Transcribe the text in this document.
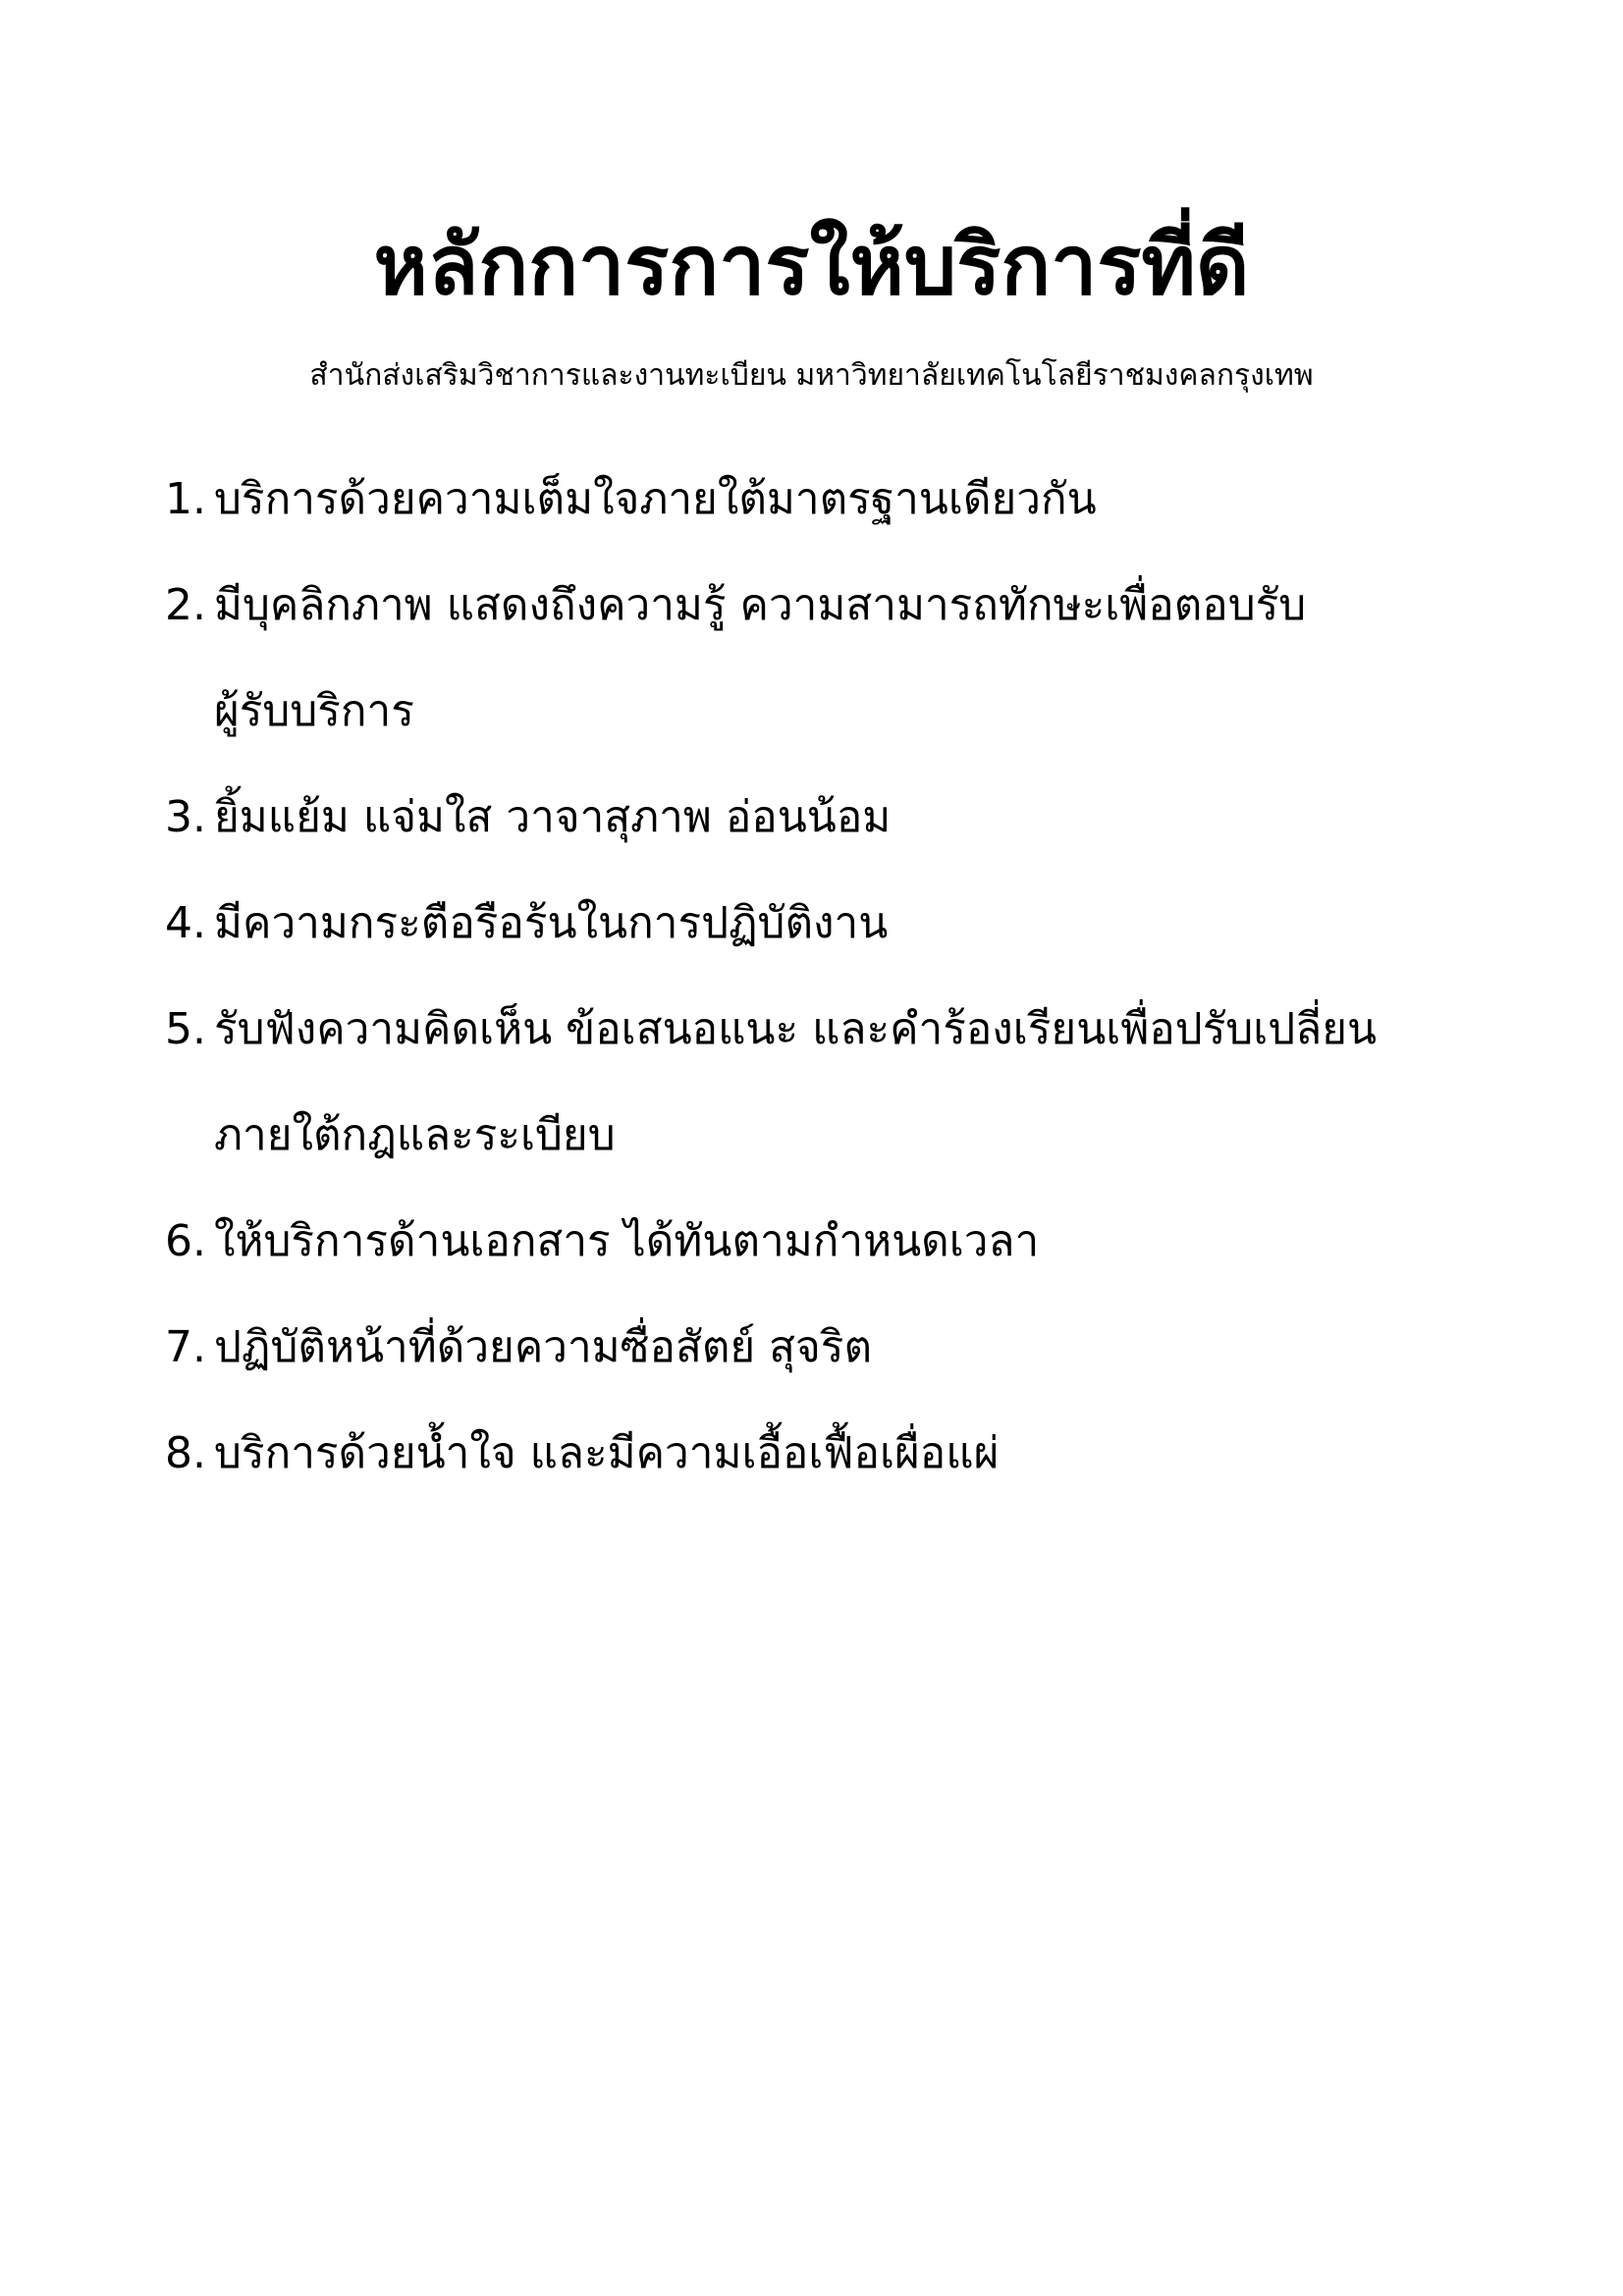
หลักการการให้บริการที่ดี
สำนักส่งเสริมวิชาการและงานทะเบียน มหาวิทยาลัยเทคโนโลยีราชมงคลกรุงเทพ
1. บริการด้วยความเต็มใจภายใต้มาตรฐานเดียวกัน
2. มีบุคลิกภาพ แสดงถึงความรู้ ความสามารถทักษะเพื่อตอบรับ
ผู้รับบริการ
3. ยิ้มแย้ม แจ่มใส วาจาสุภาพ อ่อนน้อม
4. มีความกระตือรือร้นในการปฏิบัติงาน
5. รับฟังความคิดเห็น ข้อเสนอแนะ และคำร้องเรียนเพื่อปรับเปลี่ยน
ภายใต้กฎและระเบียบ
6. ให้บริการด้านเอกสาร ได้ทันตามกำหนดเวลา
7. ปฏิบัติหน้าที่ด้วยความซื่อสัตย์ สุจริต
8. บริการด้วยน้ำใจ และมีความเอื้อเฟื้อเผื่อแผ่
